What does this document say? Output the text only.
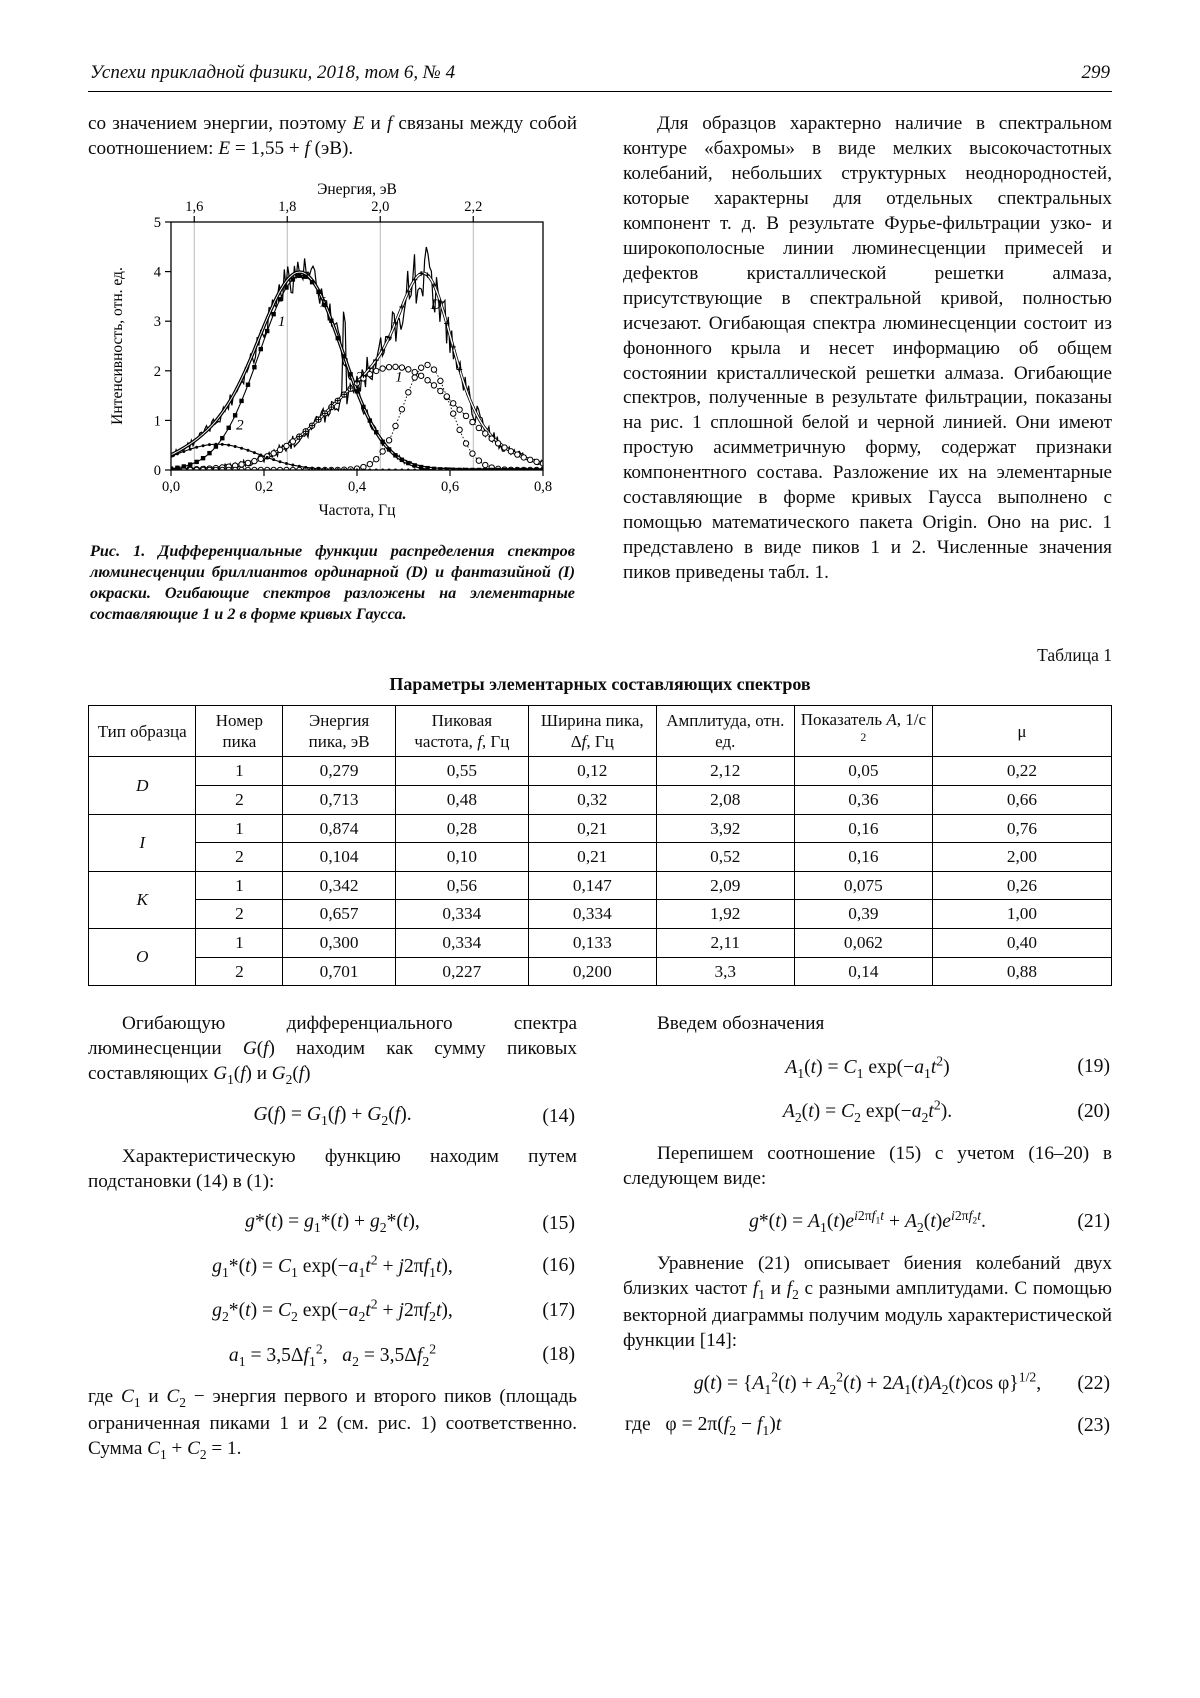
Успехи прикладной физики, 2018, том 6, № 4	299

со значением энергии, поэтому E и f связаны между собой соотношением: E = 1,55 + f (эВ).

0
1
2
3
4
5
0,0	0,2	0,4	0,6	0,8
1,6	1,8	2,0	2,2
Энергия, эВ
Частота, Гц
Интенсивность, отн. ед.	1
I	D
2 1
2
Рис. 1. Дифференциальные функции распределения спектров люминесценции бриллиантов ординарной (D) и фантазийной (I) окраски. Огибающие спектров разложены на элементарные составляющие 1 и 2 в форме кривых Гаусса.

Для образцов характерно наличие в спектральном контуре «бахромы» в виде мелких высокочастотных колебаний, небольших структурных неоднородностей, которые характерны для отдельных спектральных компонент т. д. В результате Фурье-фильтрации узко- и широкополосные линии люминесценции примесей и дефектов кристаллической решетки алмаза, присутствующие в спектральной кривой, полностью исчезают. Огибающая спектра люминесценции состоит из фононного крыла и несет информацию об общем состоянии кристаллической решетки алмаза. Огибающие спектров, полученные в результате фильтрации, показаны на рис. 1 сплошной белой и черной линией. Они имеют простую асимметричную форму, содержат признаки компонентного состава. Разложение их на элементарные составляющие в форме кривых Гаусса выполнено с помощью математического пакета Origin. Оно на рис. 1 представлено в виде пиков 1 и 2. Численные значения пиков приведены табл. 1.

Таблица 1
Параметры элементарных составляющих спектров
Тип образца	Номер пика	Энергия пика, эВ	Пиковая частота, f, Гц	Ширина пика, Δf, Гц	Амплитуда, отн. ед.	Показатель А, 1/с $^2$	μ
D	1	0,279	0,55	0,12	2,12	0,05	0,22
	2	0,713	0,48	0,32	2,08	0,36	0,66
I	1	0,874	0,28	0,21	3,92	0,16	0,76
	2	0,104	0,10	0,21	0,52	0,16	2,00
K	1	0,342	0,56	0,147	2,09	0,075	0,26
	2	0,657	0,334	0,334	1,92	0,39	1,00
O	1	0,300	0,334	0,133	2,11	0,062	0,40
	2	0,701	0,227	0,200	3,3	0,14	0,88

Огибающую дифференциального спектра люминесценции G(f) находим как сумму пиковых составляющих $G_1(f)$ и $G_2(f)$

$G(f) = G_1(f) + G_2(f)$.	(14)

Характеристическую функцию находим путем подстановки (14) в (1):

$g*(t) = g_1*(t) + g_2*(t)$,	(15)
$g_1*(t) = C_1$ $\exp(-a_1t^2 + j2\pi f_1t)$,	(16)
$g_2*(t) = C_2$ $\exp(-a_2t^2 + j2\pi f_2t)$,	(17)
$a_1 = 3,5\Delta f_1^2$,   $a_2 = 3,5\Delta f_2^2$	(18)

где $C_1$ и $C_2$ − энергия первого и второго пиков (площадь ограниченная пиками 1 и 2 (см. рис. 1) соответственно. Сумма $C_1 + C_2 = 1$.

Введем обозначения

$A_1(t) = C_1$ $\exp(-a_1t^2)$	(19)
$A_2(t) = C_2$ $\exp(-a_2t^2)$.	(20)

Перепишем соотношение (15) с учетом (16–20) в следующем виде:

$g*(t) = A_1(t)e^{i2\pi f_1t} + A_2(t)e^{i2\pi f_2t}$.	(21)

Уравнение (21) описывает биения колебаний двух близких частот $f_1$ и $f_2$ с разными амплитудами. С помощью векторной диаграммы получим модуль характеристической функции [14]:

$g(t) = \{A_1^2(t) + A_2^2(t) + 2A_1(t)A_2(t)\cos$ φ}$^{1/2}$, (22)
где   $\varphi = 2\pi(f_2 - f_1)t$	(23)
